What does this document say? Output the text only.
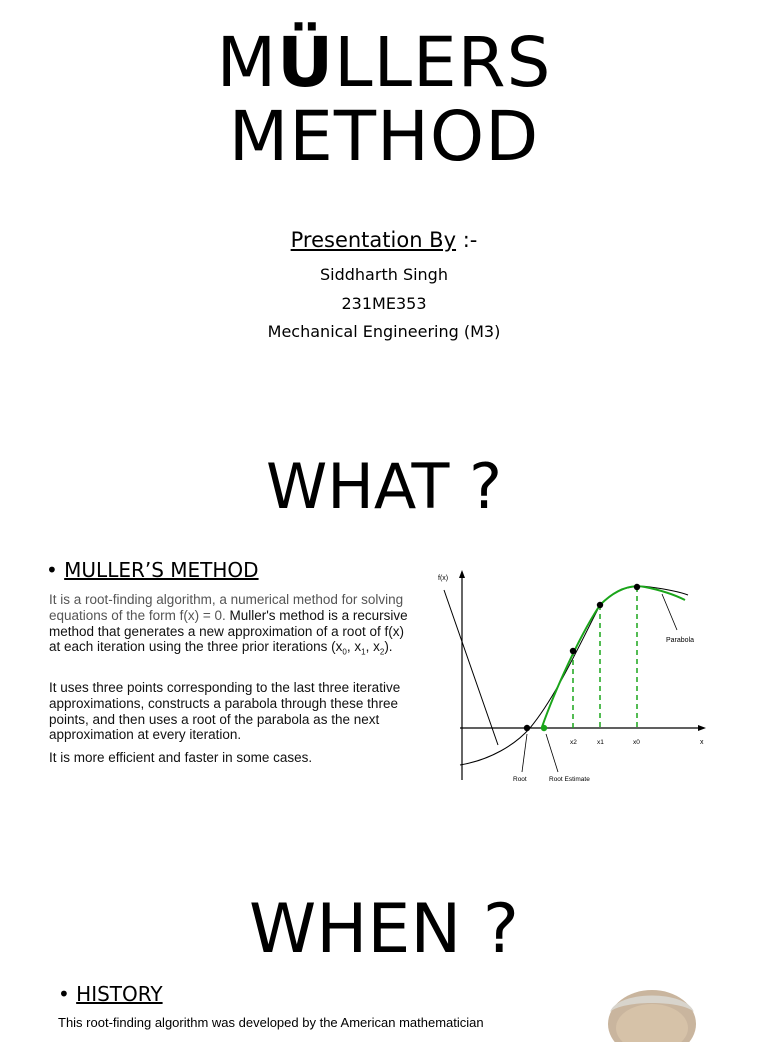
MÜLLERS
METHOD
Presentation By :-
Siddharth Singh
231ME353
Mechanical Engineering (M3)
WHAT ?
• MULLER’S METHOD
It is a root-finding algorithm, a numerical method for solving equations of the form f(x) = 0. Muller's method is a recursive method that generates a new approximation of a root of f(x) at each iteration using the three prior iterations ($x_0$, $x_1$, $x_2$).
It uses three points corresponding to the last three iterative approximations, constructs a parabola through these three points, and then uses a root of the parabola as the next approximation at every iteration.
It is more efficient and faster in some cases.
f(x)
x
Parabola
x2	x1	x0
Root	Root Estimate
WHEN ?
• HISTORY
This root-finding algorithm was developed by the American mathematician
